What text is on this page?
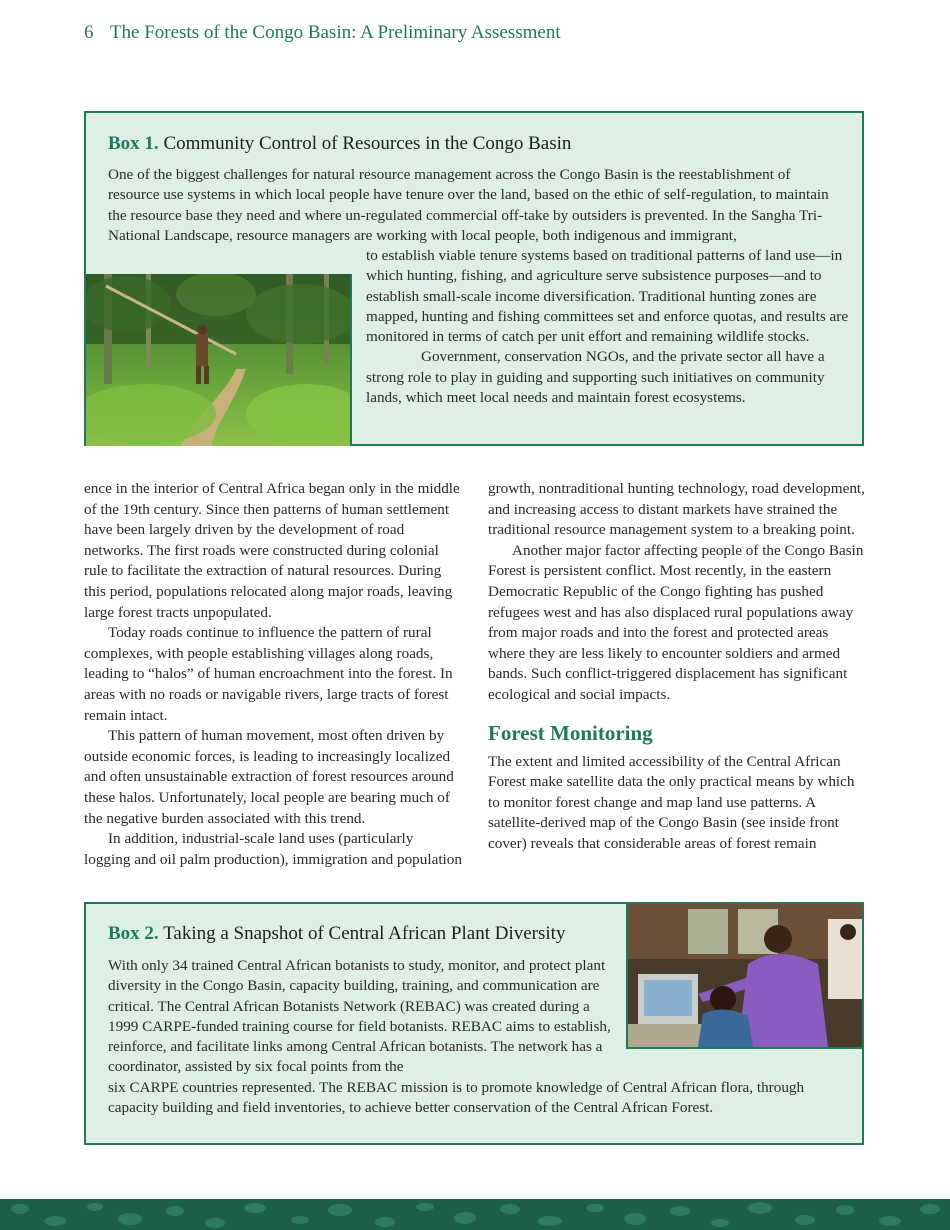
6 The Forests of the Congo Basin: A Preliminary Assessment
Box 1. Community Control of Resources in the Congo Basin
One of the biggest challenges for natural resource management across the Congo Basin is the reestablishment of resource use systems in which local people have tenure over the land, based on the ethic of self-regulation, to maintain the resource base they need and where un-regulated commercial off-take by outsiders is prevented. In the Sangha Tri-National Landscape, resource managers are working with local people, both indigenous and immigrant,

to establish viable tenure systems based on traditional patterns of land use—in which hunting, fishing, and agriculture serve subsistence purposes—and to establish small-scale income diversification. Traditional hunting zones are mapped, hunting and fishing committees set and enforce quotas, and results are monitored in terms of catch per unit effort and remaining wildlife stocks.

Government, conservation NGOs, and the private sector all have a strong role to play in guiding and supporting such initiatives on community lands, which meet local needs and maintain forest ecosystems.

ence in the interior of Central Africa began only in the middle of the 19th century. Since then patterns of human settlement have been largely driven by the development of road networks. The first roads were constructed during colonial rule to facilitate the extraction of natural resources. During this period, populations relocated along major roads, leaving large forest tracts unpopulated.

Today roads continue to influence the pattern of rural complexes, with people establishing villages along roads, leading to “halos” of human encroachment into the forest. In areas with no roads or navigable rivers, large tracts of forest remain intact.

This pattern of human movement, most often driven by outside economic forces, is leading to increasingly localized and often unsustainable extraction of forest resources around these halos. Unfortunately, local people are bearing much of the negative burden associated with this trend.

In addition, industrial-scale land uses (particularly logging and oil palm production), immigration and population

growth, nontraditional hunting technology, road development, and increasing access to distant markets have strained the traditional resource management system to a breaking point.

Another major factor affecting people of the Congo Basin Forest is persistent conflict. Most recently, in the eastern Democratic Republic of the Congo fighting has pushed refugees west and has also displaced rural populations away from major roads and into the forest and protected areas where they are less likely to encounter soldiers and armed bands. Such conflict-triggered displacement has significant ecological and social impacts.

Forest Monitoring

The extent and limited accessibility of the Central African Forest make satellite data the only practical means by which to monitor forest change and map land use patterns. A satellite-derived map of the Congo Basin (see inside front cover) reveals that considerable areas of forest remain

Box 2. Taking a Snapshot of Central African Plant Diversity
With only 34 trained Central African botanists to study, monitor, and protect plant diversity in the Congo Basin, capacity building, training, and communication are critical. The Central African Botanists Network (REBAC) was created during a 1999 CARPE-funded training course for field botanists. REBAC aims to establish, reinforce, and facilitate links among Central African botanists. The network has a coordinator, assisted by six focal points from the
six CARPE countries represented. The REBAC mission is to promote knowledge of Central African flora, through capacity building and field inventories, to achieve better conservation of the Central African Forest.
